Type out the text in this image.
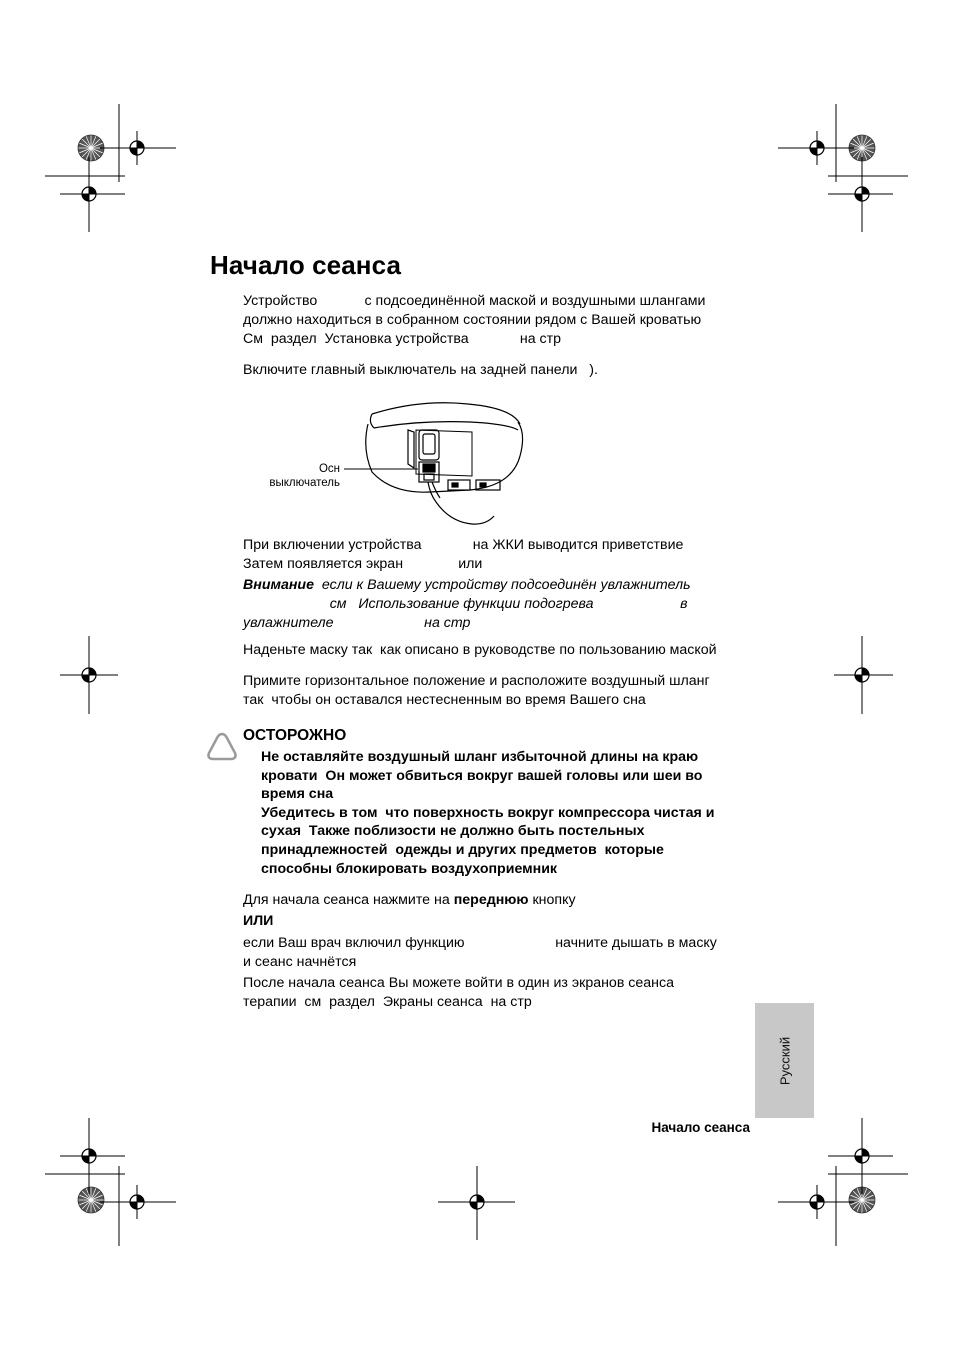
Начало сеанса
Устройство            с подсоединённой маской и воздушными шлангами
должно находиться в собранном состоянии рядом с Вашей кроватью
См  раздел  Установка устройства             на стр
Включите главный выключатель на задней панели   ).
Осн
выключатель
При включении устройства             на ЖКИ выводится приветствие
Затем появляется экран              или
Внимание  если к Вашему устройству подсоединён увлажнитель
см   Использование функции подогрева                      в
увлажнителе                       на стр
Наденьте маску так  как описано в руководстве по пользованию маской
Примите горизонтальное положение и расположите воздушный шланг
так  чтобы он оставался нестесненным во время Вашего сна
ОСТОРОЖНО
Не оставляйте воздушный шланг избыточной длины на краю
кровати  Он может обвиться вокруг вашей головы или шеи во
время сна
Убедитесь в том  что поверхность вокруг компрессора чистая и
сухая  Также поблизости не должно быть постельных
принадлежностей  одежды и других предметов  которые
способны блокировать воздухоприемник
Для начала сеанса нажмите на переднюю кнопку
ИЛИ
если Ваш врач включил функцию                       начните дышать в маску
и сеанс начнётся
После начала сеанса Вы можете войти в один из экранов сеанса
терапии  см  раздел  Экраны сеанса  на стр
Русский
Начало сеанса
